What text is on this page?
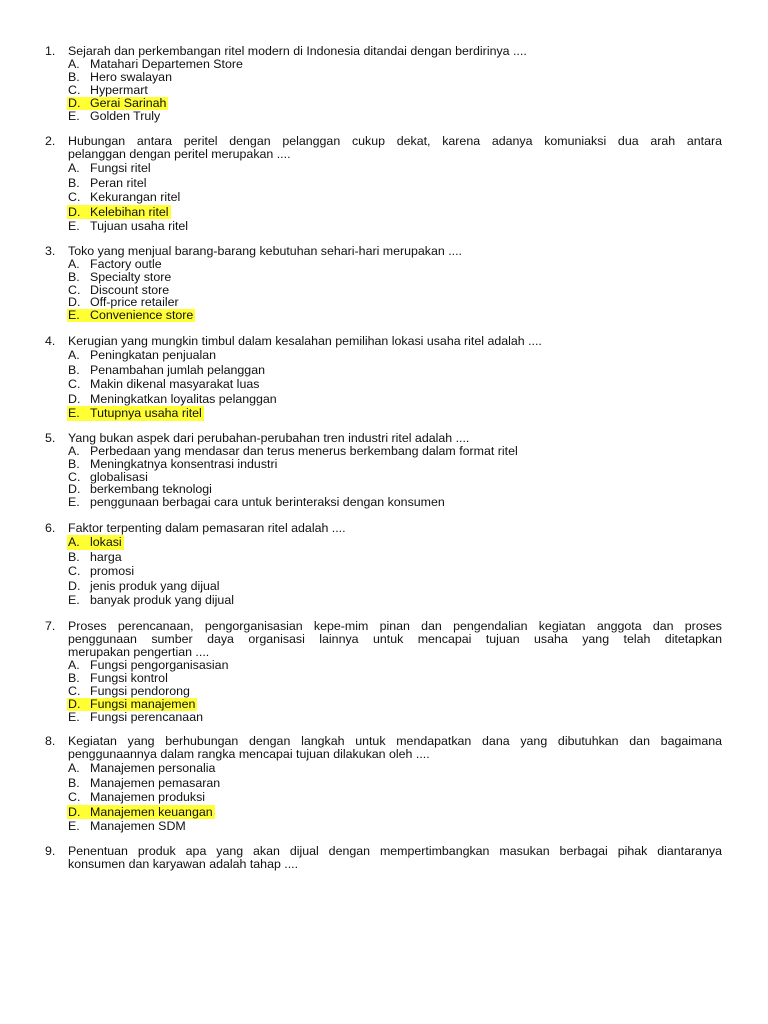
1. Sejarah dan perkembangan ritel modern di Indonesia ditandai dengan berdirinya ....
A. Matahari Departemen Store
B. Hero swalayan
C. Hypermart
D. Gerai Sarinah
E. Golden Truly
2. Hubungan antara peritel dengan pelanggan cukup dekat, karena adanya komuniaksi dua arah antara
pelanggan dengan peritel merupakan ....
A. Fungsi ritel
B. Peran ritel
C. Kekurangan ritel
D. Kelebihan ritel
E. Tujuan usaha ritel
3. Toko yang menjual barang-barang kebutuhan sehari-hari merupakan ....
A. Factory outle
B. Specialty store
C. Discount store
D. Off-price retailer
E. Convenience store
4. Kerugian yang mungkin timbul dalam kesalahan pemilihan lokasi usaha ritel adalah ....
A. Peningkatan penjualan
B. Penambahan jumlah pelanggan
C. Makin dikenal masyarakat luas
D. Meningkatkan loyalitas pelanggan
E. Tutupnya usaha ritel
5. Yang bukan aspek dari perubahan-perubahan tren industri ritel adalah ....
A. Perbedaan yang mendasar dan terus menerus berkembang dalam format ritel
B. Meningkatnya konsentrasi industri
C. globalisasi
D. berkembang teknologi
E. penggunaan berbagai cara untuk berinteraksi dengan konsumen
6. Faktor terpenting dalam pemasaran ritel adalah ....
A. lokasi
B. harga
C. promosi
D. jenis produk yang dijual
E. banyak produk yang dijual
7. Proses perencanaan, pengorganisasian kepe-mim pinan dan pengendalian kegiatan anggota dan proses
penggunaan sumber daya organisasi lainnya untuk mencapai tujuan usaha yang telah ditetapkan
merupakan pengertian ....
A. Fungsi pengorganisasian
B. Fungsi kontrol
C. Fungsi pendorong
D. Fungsi manajemen
E. Fungsi perencanaan
8. Kegiatan yang berhubungan dengan langkah untuk mendapatkan dana yang dibutuhkan dan bagaimana
penggunaannya dalam rangka mencapai tujuan dilakukan oleh ....
A. Manajemen personalia
B. Manajemen pemasaran
C. Manajemen produksi
D. Manajemen keuangan
E. Manajemen SDM
9. Penentuan produk apa yang akan dijual dengan mempertimbangkan masukan berbagai pihak diantaranya
konsumen dan karyawan adalah tahap ....
